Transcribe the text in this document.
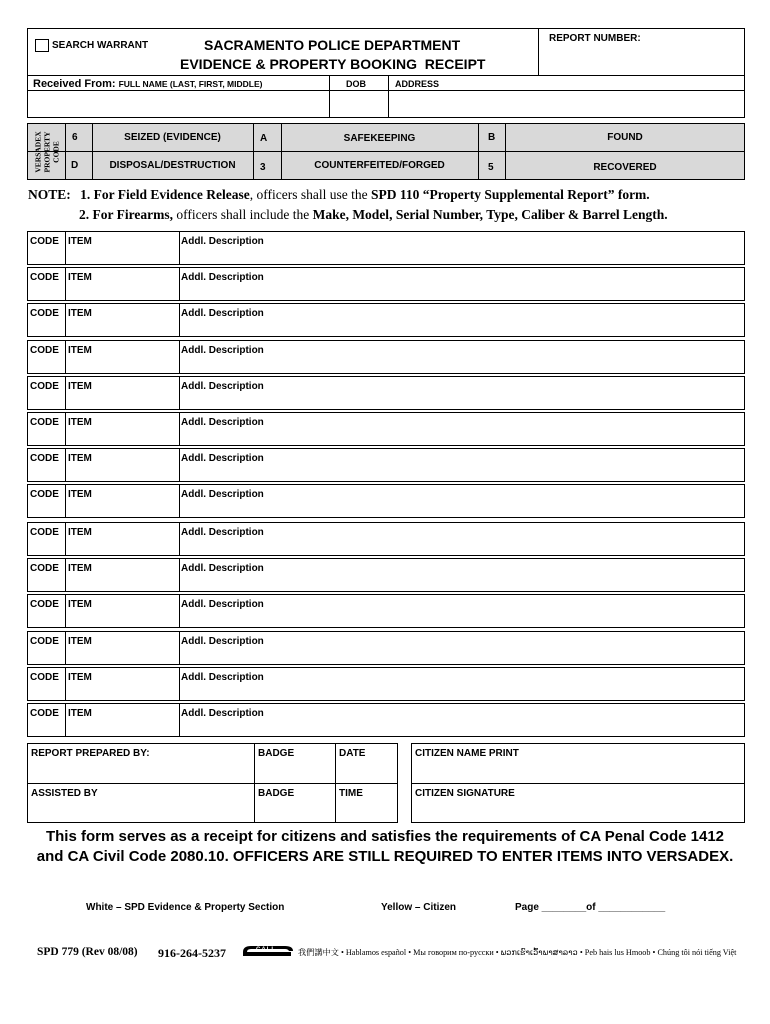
SEARCH WARRANT	SACRAMENTO POLICE DEPARTMENT
EVIDENCE & PROPERTY BOOKING  RECEIPT
REPORT NUMBER:
Received From: FULL NAME (LAST, FIRST, MIDDLE)	DOB	ADDRESS
VERSADEX PROPERTY CODE
6	SEIZED (EVIDENCE)	A	SAFEKEEPING	B	FOUND
D	DISPOSAL/DESTRUCTION	3	COUNTERFEITED/FORGED	5	RECOVERED
NOTE: 1. For Field Evidence Release, officers shall use the SPD 110 “Property Supplemental Report” form.
2. For Firearms, officers shall include the Make, Model, Serial Number, Type, Caliber & Barrel Length.
CODE ITEM	Addl. Description
CODE ITEM	Addl. Description
CODE ITEM	Addl. Description
CODE ITEM	Addl. Description
CODE ITEM	Addl. Description
CODE ITEM	Addl. Description
CODE ITEM	Addl. Description
CODE ITEM	Addl. Description
CODE ITEM	Addl. Description
CODE ITEM	Addl. Description
CODE ITEM	Addl. Description
CODE ITEM	Addl. Description
CODE ITEM	Addl. Description
CODE ITEM	Addl. Description
REPORT PREPARED BY:	BADGE	DATE
ASSISTED BY	BADGE	TIME
CITIZEN NAME PRINT
CITIZEN SIGNATURE
This form serves as a receipt for citizens and satisfies the requirements of CA Penal Code 1412
and CA Civil Code 2080.10. OFFICERS ARE STILL REQUIRED TO ENTER ITEMS INTO VERSADEX.
White – SPD Evidence & Property Section	Yellow – Citizen	Page ________of ____________
SPD 779 (Rev 08/08) 916-264-5237	CALL	我們講中文 • Hablamos español • Мы говорим по-русски • ພວກເຮົາເວົ້າພາສາລາວ • Peb hais lus Hmoob • Chúng tôi nói tiếng Việt
